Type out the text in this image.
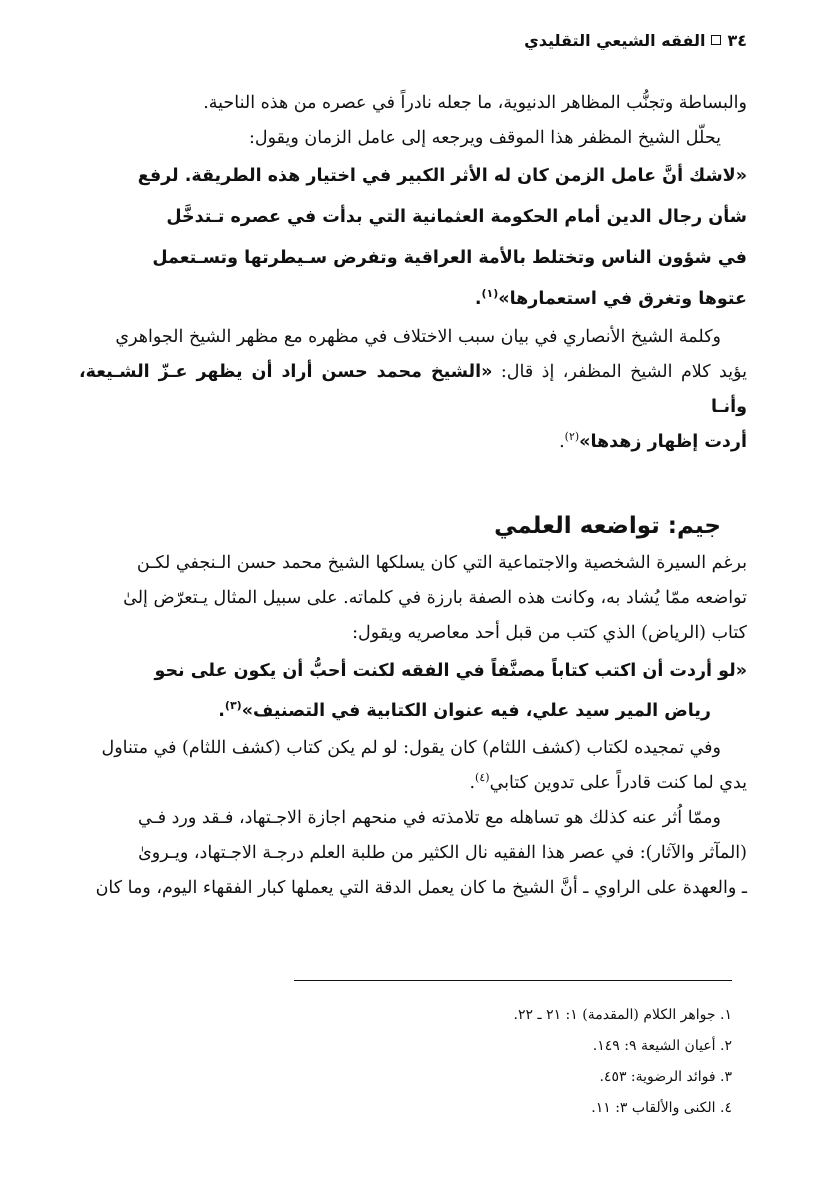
٣٤
الفقه الشيعي التقليدي

والبساطة وتجنُّب المظاهر الدنيوية، ما جعله نادراً في عصره من هذه الناحية.

يحلّل الشيخ المظفر هذا الموقف ويرجعه إلى عامل الزمان ويقول:

«لاشك أنَّ عامل الزمن كان له الأثر الكبير في اختيار هذه الطريقة. لرفع

شأن رجال الدين أمام الحكومة العثمانية التي بدأت في عصره تـتدخَّل

في شؤون الناس وتختلط بالأمة العراقية وتفرض سـيطرتها وتسـتعمل

عتوها وتغرق في استعمارها»$^{(١)}$.

وكلمة الشيخ الأنصاري في بيان سبب الاختلاف في مظهره مع مظهر الشيخ الجواهري

يؤيد كلام الشيخ المظفر، إذ قال: «الشيخ محمد حسن أراد أن يظهر عـزّ الشـيعة، وأنـا

أردت إظهار زهدها»$^{(٢)}$.

جيم: تواضعه العلمي

برغم السيرة الشخصية والاجتماعية التي كان يسلكها الشيخ محمد حسن الـنجفي لكـن

تواضعه ممّا يُشاد به، وكانت هذه الصفة بارزة في كلماته. على سبيل المثال يـتعرّض إلىٰ

كتاب (الرياض) الذي كتب من قبل أحد معاصريه ويقول:

«لو أردت أن اكتب كتاباً مصنَّفاً في الفقه لكنت أحبُّ أن يكون على نحو

رياض المير سيد علي، فيه عنوان الكتابية في التصنيف»$^{(٣)}$.

وفي تمجيده لكتاب (كشف اللثام) كان يقول: لو لم يكن كتاب (كشف اللثام) في متناول

يدي لما كنت قادراً على تدوين كتابي$^{(٤)}$.

وممّا اُثر عنه كذلك هو تساهله مع تلامذته في منحهم اجازة الاجـتهاد، فـقد ورد فـي

(المآثر والآثار): في عصر هذا الفقيه نال الكثير من طلبة العلم درجـة الاجـتهاد، ويـرویٰ

ـ والعهدة على الراوي ـ أنَّ الشيخ ما كان يعمل الدقة التي يعملها كبار الفقهاء اليوم، وما كان

١. جواهر الكلام (المقدمة) ١: ٢١ ـ ٢٢.

٢. أعيان الشيعة ٩: ١٤٩.

٣. فوائد الرضوية: ٤٥٣.

٤. الكنى والألقاب ٣: ١١.
